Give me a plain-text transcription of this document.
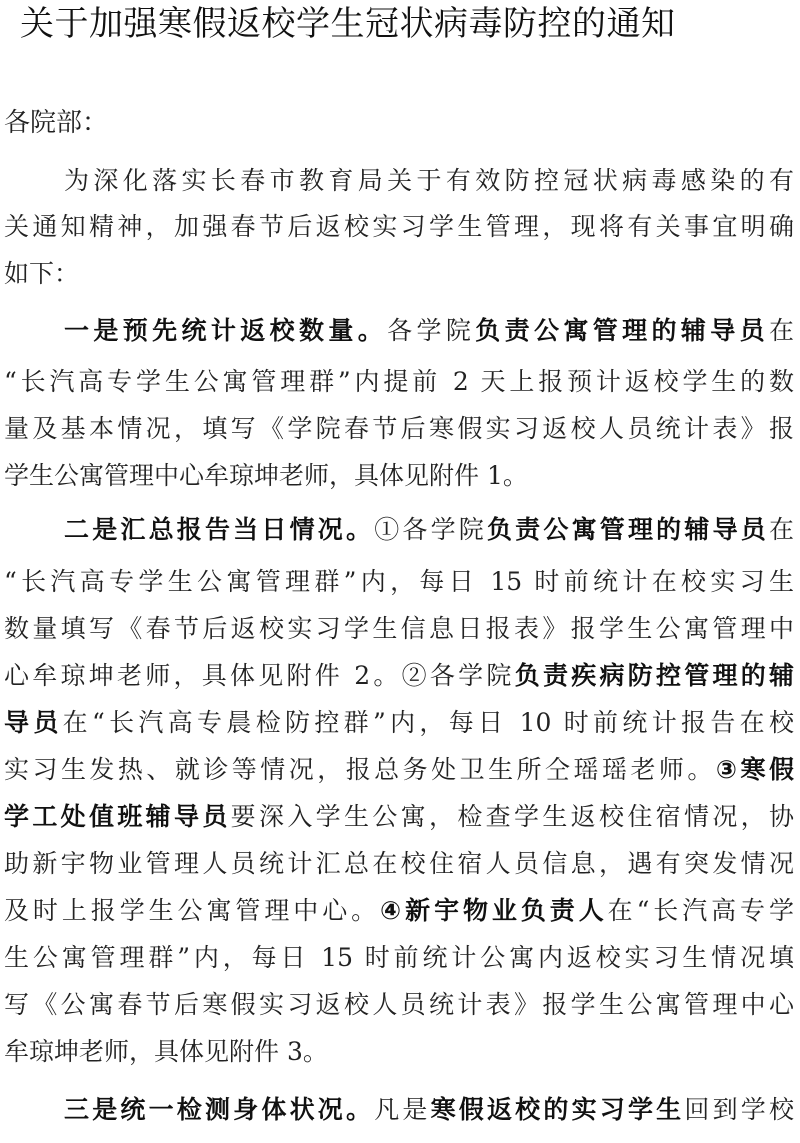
关于加强寒假返校学生冠状病毒防控的通知
各院部：
为深化落实长春市教育局关于有效防控冠状病毒感染的有
关通知精神，加强春节后返校实习学生管理，现将有关事宜明确
如下：
一是预先统计返校数量。各学院负责公寓管理的辅导员在
“长汽高专学生公寓管理群”内提前 2 天上报预计返校学生的数
量及基本情况，填写《学院春节后寒假实习返校人员统计表》报
学生公寓管理中心牟琼坤老师，具体见附件 1。
二是汇总报告当日情况。①各学院负责公寓管理的辅导员在
“长汽高专学生公寓管理群”内，每日 15 时前统计在校实习生
数量填写《春节后返校实习学生信息日报表》报学生公寓管理中
心牟琼坤老师，具体见附件 2。②各学院负责疾病防控管理的辅
导员在“长汽高专晨检防控群”内，每日 10 时前统计报告在校
实习生发热、就诊等情况，报总务处卫生所仝瑶瑶老师。③寒假
学工处值班辅导员要深入学生公寓，检查学生返校住宿情况，协
助新宇物业管理人员统计汇总在校住宿人员信息，遇有突发情况
及时上报学生公寓管理中心。④新宇物业负责人在“长汽高专学
生公寓管理群”内，每日 15 时前统计公寓内返校实习生情况填
写《公寓春节后寒假实习返校人员统计表》报学生公寓管理中心
牟琼坤老师，具体见附件 3。
三是统一检测身体状况。凡是寒假返校的实习学生回到学校
